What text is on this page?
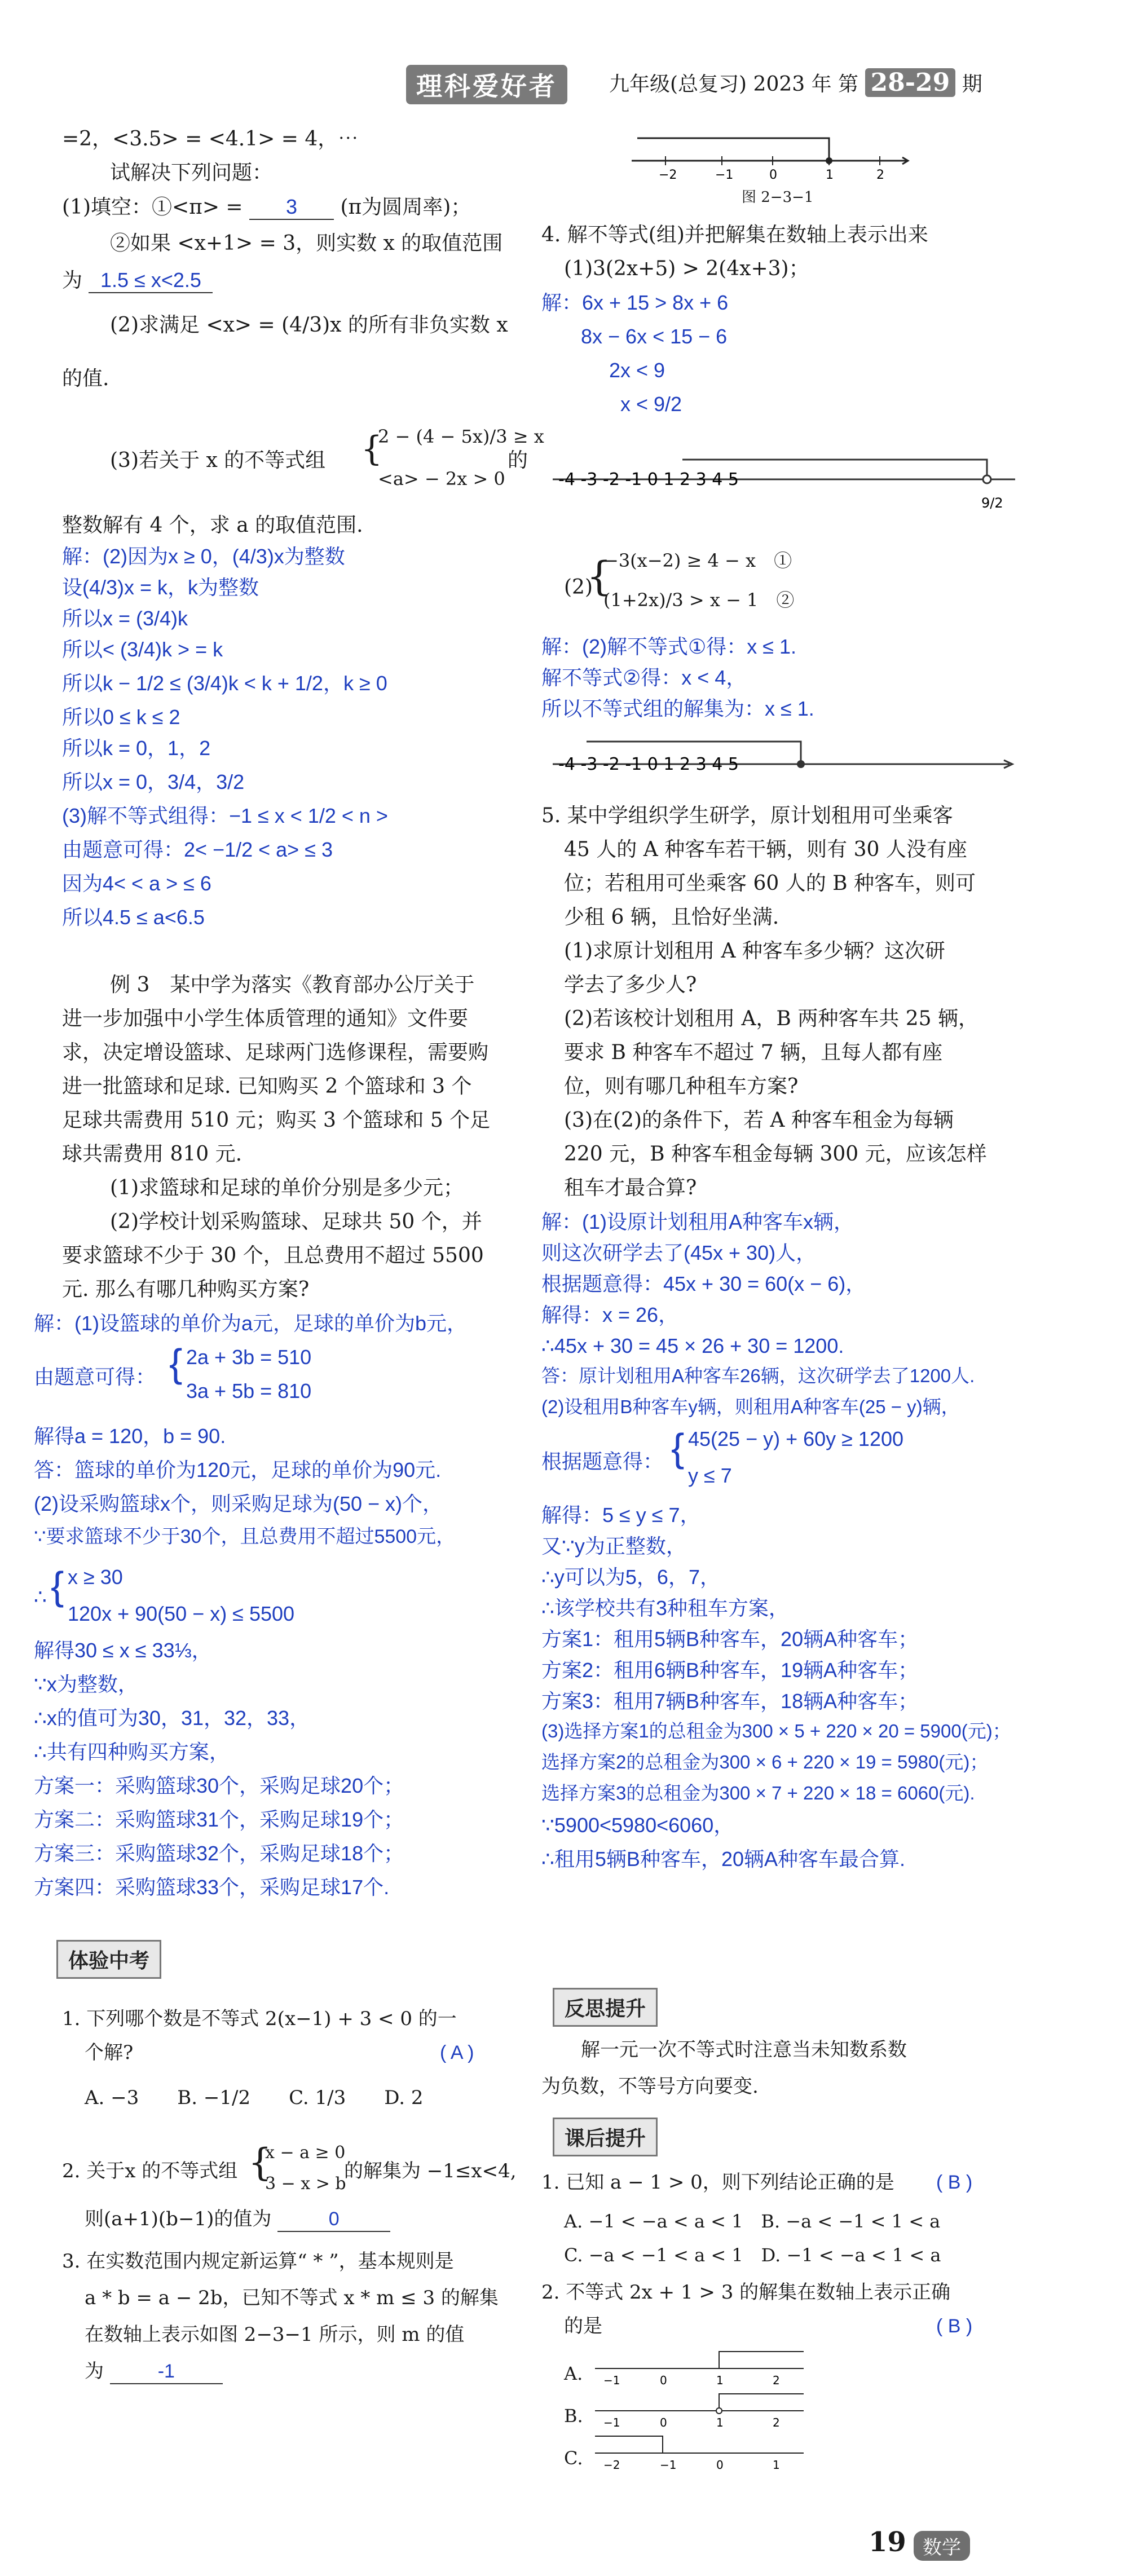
理科爱好者	九年级(总复习) 2023 年 第 28-29 期
=2，<3.5> = <4.1> = 4，⋯
试解决下列问题：
(1)填空：①<π> = 3 (π为圆周率)；
②如果 <x+1> = 3，则实数 x 的取值范围
为 1.5 ≤ x<2.5
(2)求满足 <x> = (4/3)x 的所有非负实数 x
的值.
(3)若关于 x 的不等式组 {
2 − (4 − 5x)/3 ≥ x
<a> − 2x > 0
的
整数解有 4 个，求 a 的取值范围.
解：(2)因为x ≥ 0，(4/3)x为整数
设(4/3)x = k，k为整数
所以x = (3/4)k
所以< (3/4)k > = k
所以k − 1/2 ≤ (3/4)k < k + 1/2，k ≥ 0
所以0 ≤ k ≤ 2
所以k = 0，1，2
所以x = 0，3/4，3/2
(3)解不等式组得：−1 ≤ x < 1/2 < n >
由题意可得：2< −1/2 < a> ≤ 3
因为4< < a > ≤ 6
所以4.5 ≤ a<6.5
例 3　某中学为落实《教育部办公厅关于
进一步加强中小学生体质管理的通知》文件要
求，决定增设篮球、足球两门选修课程，需要购
进一批篮球和足球. 已知购买 2 个篮球和 3 个
足球共需费用 510 元；购买 3 个篮球和 5 个足
球共需费用 810 元.
(1)求篮球和足球的单价分别是多少元；
(2)学校计划采购篮球、足球共 50 个，并
要求篮球不少于 30 个，且总费用不超过 5500
元. 那么有哪几种购买方案?
解：(1)设篮球的单价为a元，足球的单价为b元，
由题意可得： { 2a + 3b = 510
3a + 5b = 810
解得a = 120，b = 90.
答：篮球的单价为120元，足球的单价为90元.
(2)设采购篮球x个，则采购足球为(50 − x)个，
∵要求篮球不少于30个，且总费用不超过5500元，
∴ { x ≥ 30
120x + 90(50 − x) ≤ 5500
解得30 ≤ x ≤ 33⅓，
∵x为整数，
∴x的值可为30，31，32，33，
∴共有四种购买方案，
方案一：采购篮球30个，采购足球20个；
方案二：采购篮球31个，采购足球19个；
方案三：采购篮球32个，采购足球18个；
方案四：采购篮球33个，采购足球17个.
体验中考
1. 下列哪个数是不等式 2(x−1) + 3 < 0 的一
个解?	( A )
A. −3　　B. −1/2　　C. 1/3　　D. 2
2. 关于x 的不等式组 {
x − a ≥ 0
3 − x > b
的解集为 −1≤x<4,
则(a+1)(b−1)的值为	0
3. 在实数范围内规定新运算“ * ”，基本规则是
a * b = a − 2b，已知不等式 x * m ≤ 3 的解集
在数轴上表示如图 2−3−1 所示，则 m 的值
为	-1
−2	−1	0	1	2
图 2−3−1
4. 解不等式(组)并把解集在数轴上表示出来
(1)3(2x+5) > 2(4x+3)；
解：6x + 15 > 8x + 6
8x − 6x < 15 − 6
2x < 9
x < 9/2
-4 -3 -2 -1 0 1 2 3 4 5
9/2
(2)
{
−3(x−2) ≥ 4 − x　①
(1+2x)/3 > x − 1　②
解：(2)解不等式①得：x ≤ 1.
解不等式②得：x < 4，
所以不等式组的解集为：x ≤ 1.
-4 -3 -2 -1 0 1 2 3 4 5
5. 某中学组织学生研学，原计划租用可坐乘客
45 人的 A 种客车若干辆，则有 30 人没有座
位；若租用可坐乘客 60 人的 B 种客车，则可
少租 6 辆，且恰好坐满.
(1)求原计划租用 A 种客车多少辆？这次研
学去了多少人?
(2)若该校计划租用 A，B 两种客车共 25 辆，
要求 B 种客车不超过 7 辆，且每人都有座
位，则有哪几种租车方案?
(3)在(2)的条件下，若 A 种客车租金为每辆
220 元，B 种客车租金每辆 300 元，应该怎样
租车才最合算?
解：(1)设原计划租用A种客车x辆，
则这次研学去了(45x + 30)人，
根据题意得：45x + 30 = 60(x − 6)，
解得：x = 26，
∴45x + 30 = 45 × 26 + 30 = 1200.
答：原计划租用A种客车26辆，这次研学去了1200人.
(2)设租用B种客车y辆，则租用A种客车(25 − y)辆，
根据题意得： { 45(25 − y) + 60y ≥ 1200
y ≤ 7
解得：5 ≤ y ≤ 7，
又∵y为正整数，
∴y可以为5，6，7，
∴该学校共有3种租车方案，
方案1：租用5辆B种客车，20辆A种客车；
方案2：租用6辆B种客车，19辆A种客车；
方案3：租用7辆B种客车，18辆A种客车；
(3)选择方案1的总租金为300 × 5 + 220 × 20 = 5900(元)；
选择方案2的总租金为300 × 6 + 220 × 19 = 5980(元)；
选择方案3的总租金为300 × 7 + 220 × 18 = 6060(元).
∵5900<5980<6060，
∴租用5辆B种客车，20辆A种客车最合算.
反思提升
解一元一次不等式时注意当未知数系数
为负数，不等号方向要变.
课后提升
1. 已知 a − 1 > 0，则下列结论正确的是 ( B )
A. −1 < −a < a < 1　B. −a < −1 < 1 < a
C. −a < −1 < a < 1　D. −1 < −a < 1 < a
2. 不等式 2x + 1 > 3 的解集在数轴上表示正确
的是	( B )
A. −1	0	1	2
B. −1	0	1	2
C. −2	−1	0	1
19 数学
